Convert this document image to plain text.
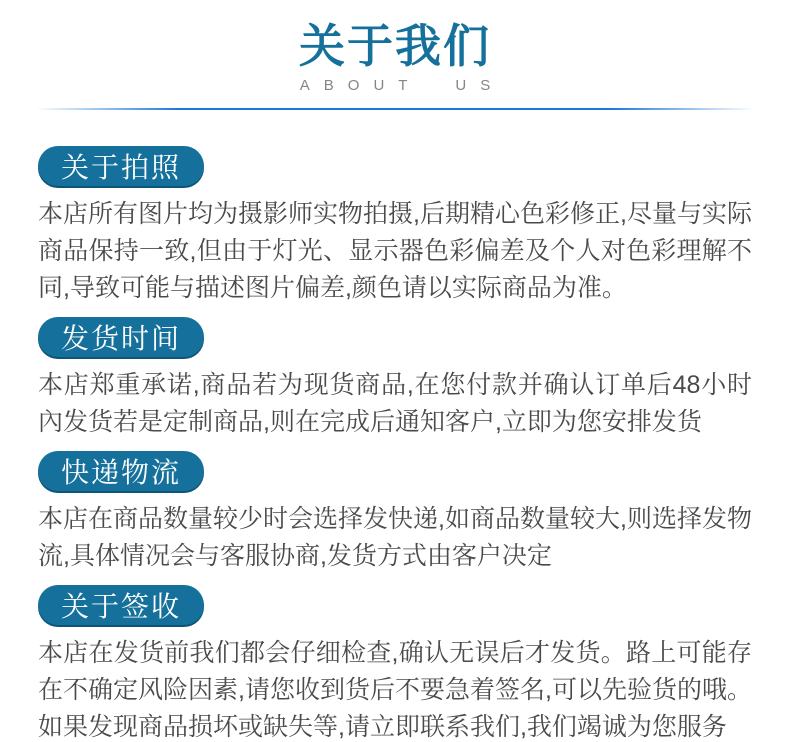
关于我们
ABOUT US
关于拍照

本店所有图片均为摄影师实物拍摄,后期精心色彩修正,尽量与实际商品保持一致,但由于灯光、显示器色彩偏差及个人对色彩理解不同,导致可能与描述图片偏差,颜色请以实际商品为准。

发货时间

本店郑重承诺,商品若为现货商品,在您付款并确认订单后48小时內发货若是定制商品,则在完成后通知客户,立即为您安排发货

快递物流

本店在商品数量较少时会选择发快递,如商品数量较大,则选择发物流,具体情况会与客服协商,发货方式由客户决定

关于签收

本店在发货前我们都会仔细检查,确认无误后才发货。路上可能存在不确定风险因素,请您收到货后不要急着签名,可以先验货的哦。如果发现商品损坏或缺失等,请立即联系我们,我们竭诚为您服务
